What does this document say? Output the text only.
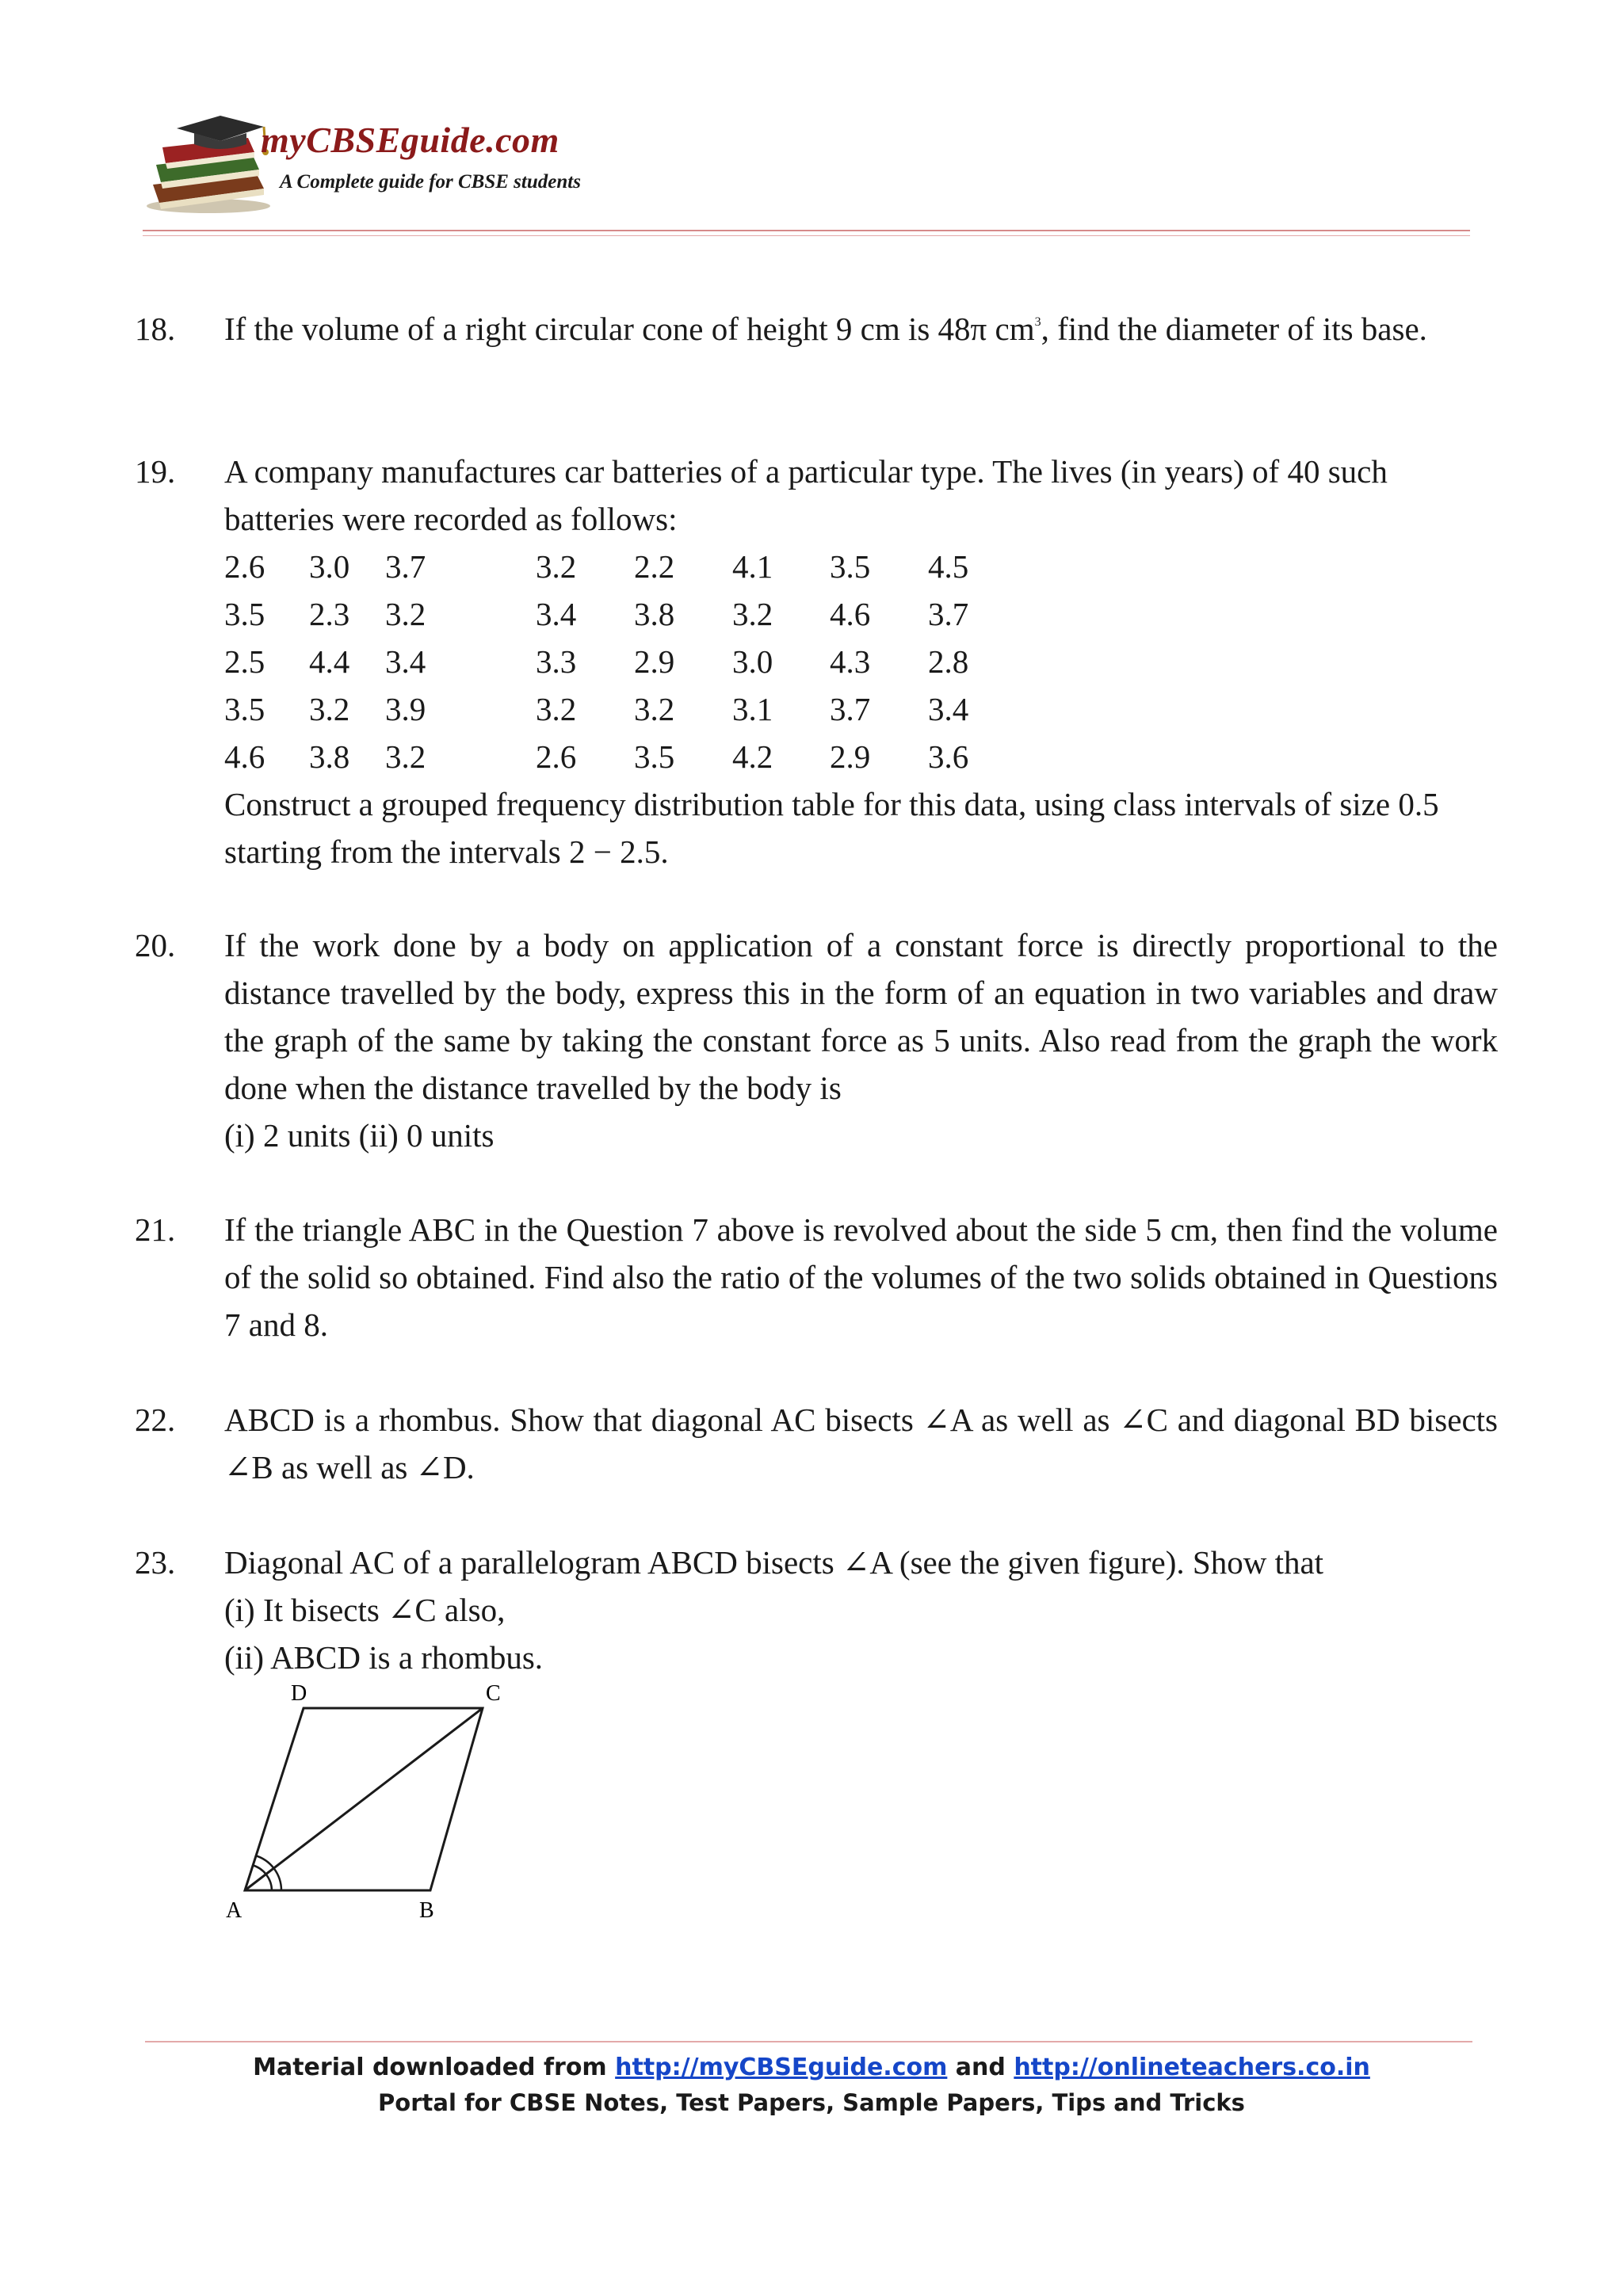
myCBSEguide.com
A Complete guide for CBSE students
18. If the volume of a right circular cone of height 9 cm is 48π $cm^3$, find the diameter of its base.
19. A company manufactures car batteries of a particular type. The lives (in years) of 40 such batteries were recorded as follows:

2.6 3.0 3.7	3.2 2.2 4.1 3.5 4.5
3.5 2.3 3.2	3.4 3.8 3.2 4.6 3.7
2.5 4.4 3.4	3.3 2.9 3.0 4.3 2.8
3.5 3.2 3.9	3.2 3.2 3.1 3.7 3.4
4.6 3.8 3.2	2.6 3.5 4.2 2.9 3.6

Construct a grouped frequency distribution table for this data, using class intervals of size 0.5 starting from the intervals 2 − 2.5.

20. If the work done by a body on application of a constant force is directly proportional to the distance travelled by the body, express this in the form of an equation in two variables and draw the graph of the same by taking the constant force as 5 units. Also read from the graph the work done when the distance travelled by the body is

(i) 2 units (ii) 0 units

21. If the triangle ABC in the Question 7 above is revolved about the side 5 cm, then find the volume of the solid so obtained. Find also the ratio of the volumes of the two solids obtained in Questions 7 and 8.
22. ABCD is a rhombus. Show that diagonal AC bisects ∠A as well as ∠C and diagonal BD bisects ∠B as well as ∠D.
23. Diagonal AC of a parallelogram ABCD bisects ∠A (see the given figure). Show that

(i) It bisects ∠C also,

(ii) ABCD is a rhombus.

D	C
A	B
Material downloaded from http://myCBSEguide.com and http://onlineteachers.co.in
Portal for CBSE Notes, Test Papers, Sample Papers, Tips and Tricks
